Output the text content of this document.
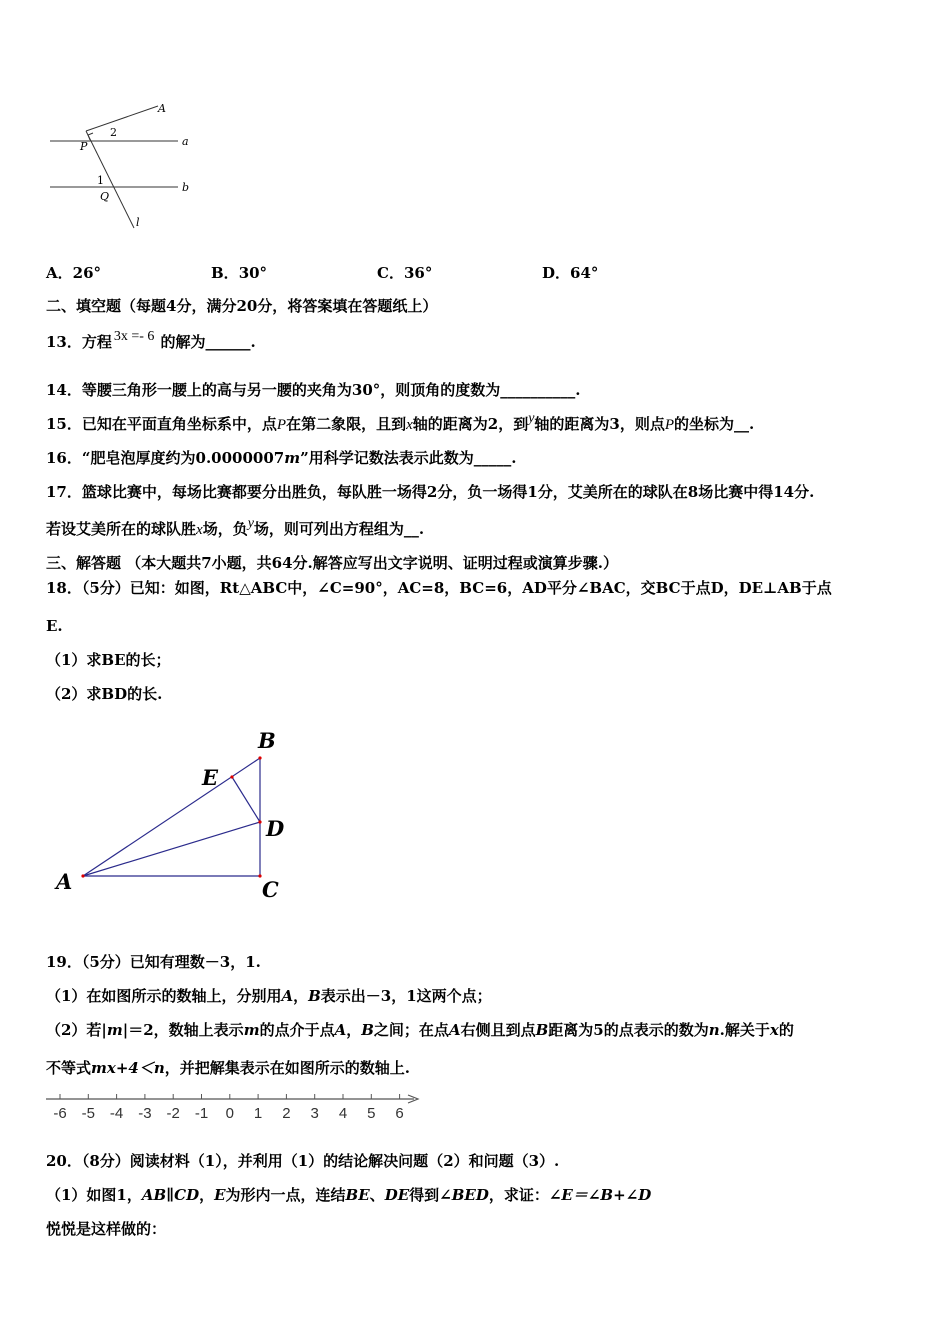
A
2
a
P
1
b
Q
l
A．26°	B．30°	C．36°	D．64°
二、填空题（每题4分，满分20分，将答案填在答题纸上）
13．方程 3x =- 6 的解为______.
14．等腰三角形一腰上的高与另一腰的夹角为30°，则顶角的度数为__________.
15．已知在平面直角坐标系中，点P在第二象限，且到x轴的距离为2，到y轴的距离为3，则点P的坐标为__.
16．“肥皂泡厚度约为0.0000007m”用科学记数法表示此数为_____.
17．篮球比赛中，每场比赛都要分出胜负，每队胜一场得2分，负一场得1分，艾美所在的球队在8场比赛中得14分.
若设艾美所在的球队胜x场，负y场，则可列出方程组为__.
三、解答题 （本大题共7小题，共64分.解答应写出文字说明、证明过程或演算步骤.）
18．（5分）已知：如图，Rt△ABC中，∠C=90°，AC=8，BC=6，AD平分∠BAC，交BC于点D，DE⊥AB于点
E.
（1）求BE的长；
（2）求BD的长.
B
E
D
A	C
19．（5分）已知有理数－3，1.
（1）在如图所示的数轴上，分别用A，B表示出－3，1这两个点；
（2）若|m|＝2，数轴上表示m的点介于点A，B之间；在点A右侧且到点B距离为5的点表示的数为n.解关于x的
不等式mx+4＜n，并把解集表示在如图所示的数轴上.
-6 -5 -4 -3 -2 -1 0 1 2 3 4 5 6
20．（8分）阅读材料（1），并利用（1）的结论解决问题（2）和问题（3）.
（1）如图1，AB∥CD，E为形内一点，连结BE、DE得到∠BED，求证：∠E＝∠B+∠D
悦悦是这样做的：
